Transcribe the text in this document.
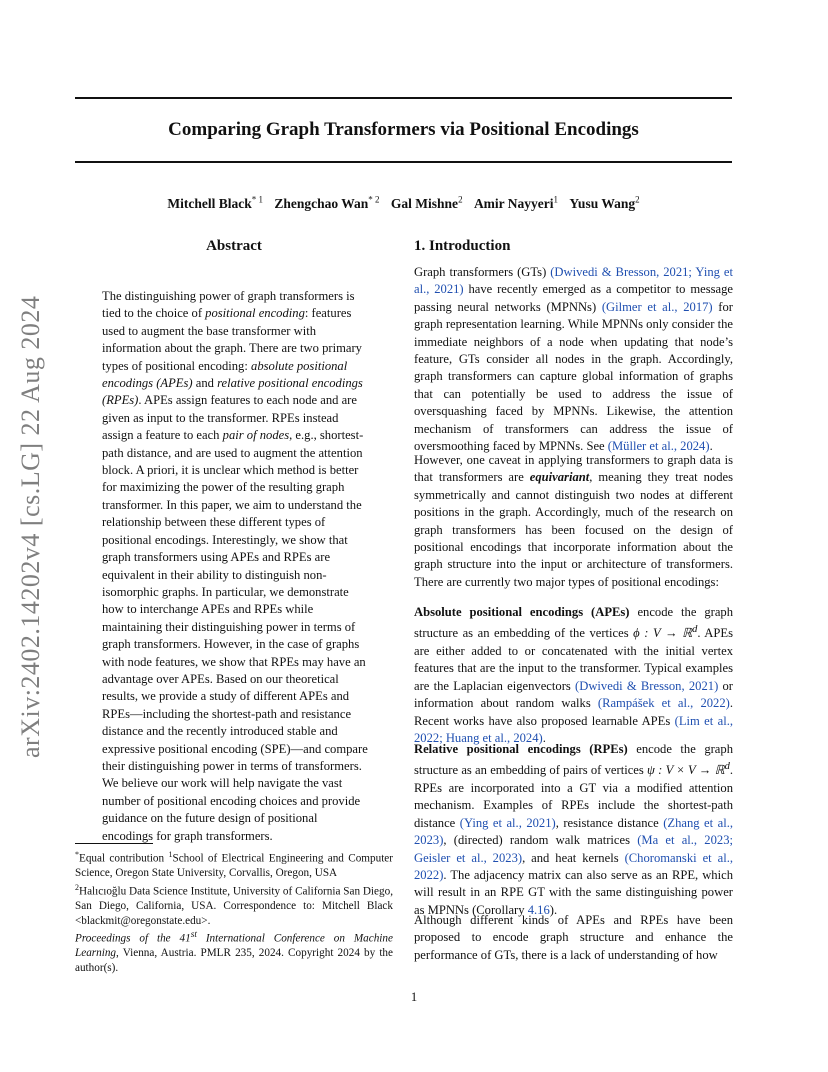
arXiv:2402.14202v4 [cs.LG] 22 Aug 2024
Comparing Graph Transformers via Positional Encodings
Mitchell Black$^{* 1}$ Zhengchao Wan$^{* 2}$ Gal Mishne$^2$ Amir Nayyeri$^1$ Yusu Wang$^2$
Abstract

The distinguishing power of graph transformers is tied to the choice of positional encoding: features used to augment the base transformer with information about the graph. There are two primary types of positional encoding: absolute positional encodings (APEs) and relative positional encodings (RPEs). APEs assign features to each node and are given as input to the transformer. RPEs instead assign a feature to each pair of nodes, e.g., shortest-path distance, and are used to augment the attention block. A priori, it is unclear which method is better for maximizing the power of the resulting graph transformer. In this paper, we aim to understand the relationship between these different types of positional encodings. Interestingly, we show that graph transformers using APEs and RPEs are equivalent in their ability to distinguish non-isomorphic graphs. In particular, we demonstrate how to interchange APEs and RPEs while maintaining their distinguishing power in terms of graph transformers. However, in the case of graphs with node features, we show that RPEs may have an advantage over APEs. Based on our theoretical results, we provide a study of different APEs and RPEs—including the shortest-path and resistance distance and the recently introduced stable and expressive positional encoding (SPE)—and compare their distinguishing power in terms of transformers. We believe our work will help navigate the vast number of positional encoding choices and provide guidance on the future design of positional encodings for graph transformers.

*Equal contribution $^1$School of Electrical Engineering and Computer Science, Oregon State University, Corvallis, Oregon, USA
$^2$Halıcıoğlu Data Science Institute, University of California San Diego, San Diego, California, USA. Correspondence to: Mitchell Black <blackmit@oregonstate.edu>.

Proceedings of the 41st International Conference on Machine Learning, Vienna, Austria. PMLR 235, 2024. Copyright 2024 by the author(s).

1. Introduction

Graph transformers (GTs) (Dwivedi & Bresson, 2021; Ying et al., 2021) have recently emerged as a competitor to message passing neural networks (MPNNs) (Gilmer et al., 2017) for graph representation learning. While MPNNs only consider the immediate neighbors of a node when updating that node’s feature, GTs consider all nodes in the graph. Accordingly, graph transformers can capture global information of graphs that can potentially be used to address the issue of oversquashing faced by MPNNs. Likewise, the attention mechanism of transformers can address the issue of oversmoothing faced by MPNNs. See (Müller et al., 2024).

However, one caveat in applying transformers to graph data is that transformers are equivariant, meaning they treat nodes symmetrically and cannot distinguish two nodes at different positions in the graph. Accordingly, much of the research on graph transformers has been focused on the design of positional encodings that incorporate information about the graph structure into the input or architecture of transformers. There are currently two major types of positional encodings:

Absolute positional encodings (APEs) encode the graph structure as an embedding of the vertices ϕ : V → ℝ$^d$. APEs are either added to or concatenated with the initial vertex features that are the input to the transformer. Typical examples are the Laplacian eigenvectors (Dwivedi & Bresson, 2021) or information about random walks (Rampášek et al., 2022). Recent works have also proposed learnable APEs (Lim et al., 2022; Huang et al., 2024).

Relative positional encodings (RPEs) encode the graph structure as an embedding of pairs of vertices ψ : V × V → ℝ$^d$. RPEs are incorporated into a GT via a modified attention mechanism. Examples of RPEs include the shortest-path distance (Ying et al., 2021), resistance distance (Zhang et al., 2023), (directed) random walk matrices (Ma et al., 2023; Geisler et al., 2023), and heat kernels (Choromanski et al., 2022). The adjacency matrix can also serve as an RPE, which will result in an RPE GT with the same distinguishing power as MPNNs (Corollary 4.16).

Although different kinds of APEs and RPEs have been proposed to encode graph structure and enhance the performance of GTs, there is a lack of understanding of how

1
